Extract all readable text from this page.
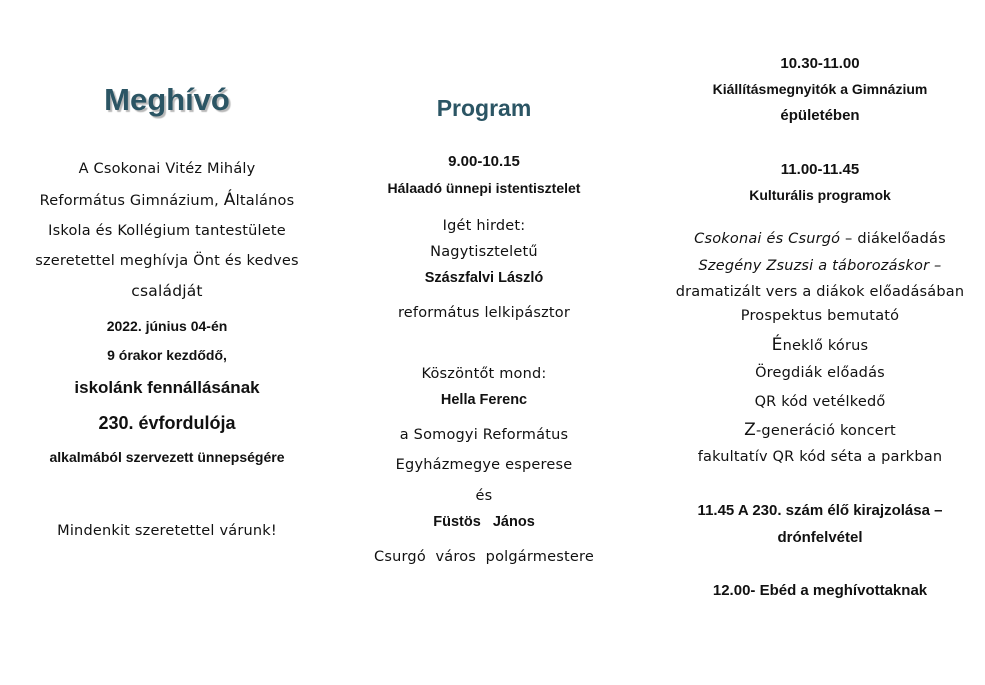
Meghívó
A Csokonai Vitéz Mihály
Református Gimnázium, Általános
Iskola és Kollégium tantestülete
szeretettel meghívja Önt és kedves
családját
2022. június 04-én
9 órakor kezdődő,
iskolánk fennállásának
230. évfordulója
alkalmából szervezett ünnepségére
Mindenkit szeretettel várunk!
Program
9.00-10.15
Hálaadó ünnepi istentisztelet
Igét hirdet:
Nagytiszteletű
Szászfalvi László
református lelkipásztor
Köszöntőt mond:
Hella Ferenc
a Somogyi Református
Egyházmegye esperese
és
Füstös   János
Csurgó  város  polgármestere
10.30-11.00
Kiállításmegnyitók a Gimnázium
épületében
11.00-11.45
Kulturális programok
Csokonai és Csurgó – diákelőadás
Szegény Zsuzsi a táborozáskor –
dramatizált vers a diákok előadásában
Prospektus bemutató
Éneklő kórus
Öregdiák előadás
QR kód vetélkedő
Z-generáció koncert
fakultatív QR kód séta a parkban
11.45 A 230. szám élő kirajzolása –
drónfelvétel
12.00- Ebéd a meghívottaknak
